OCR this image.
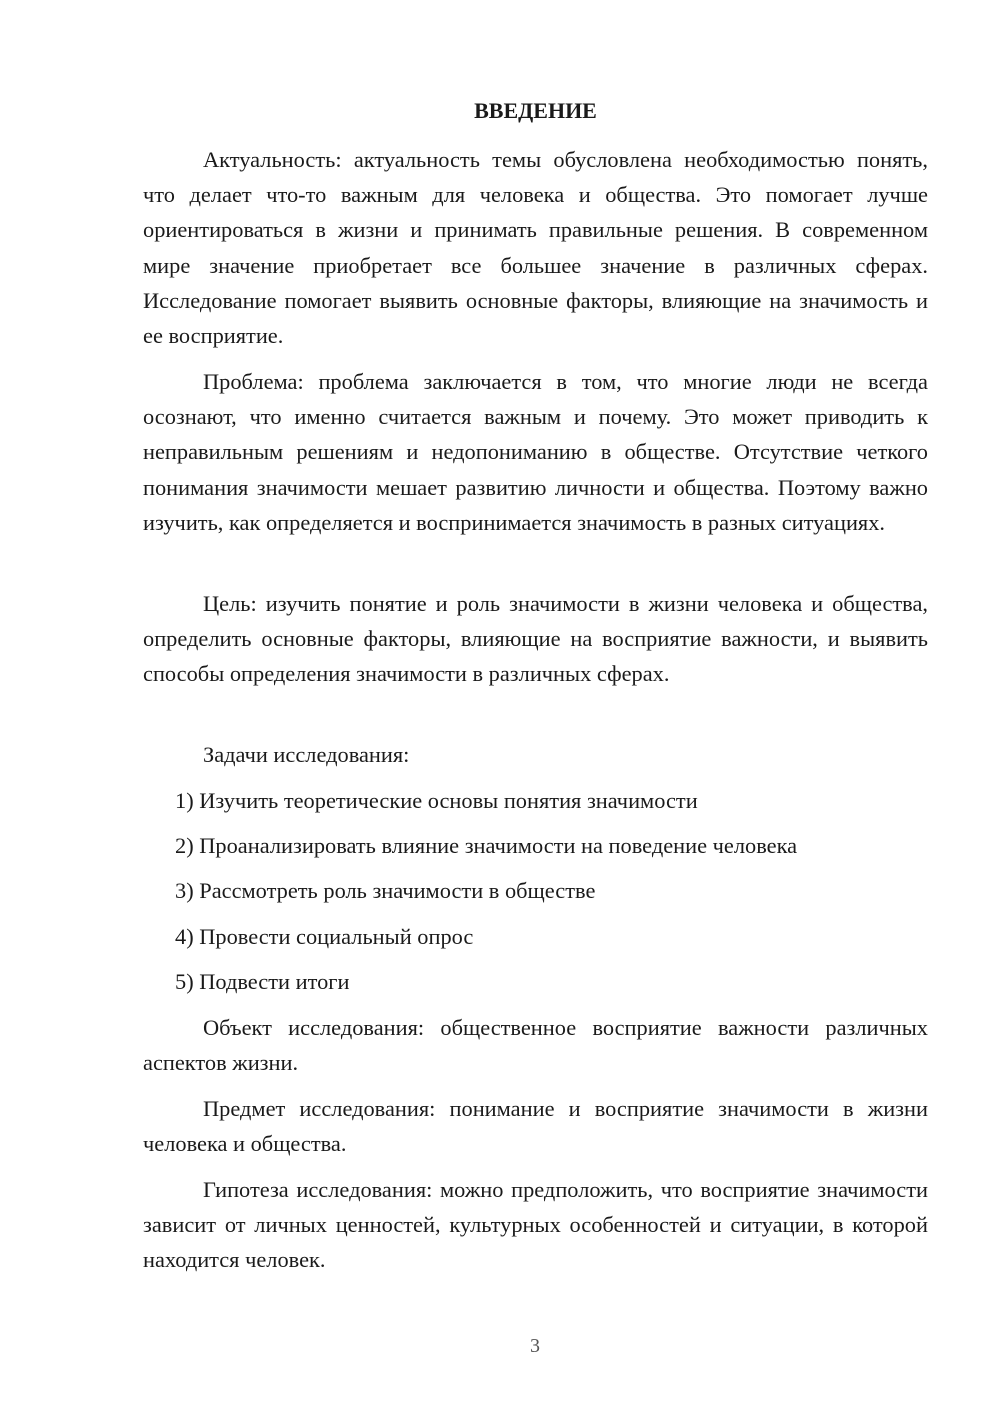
ВВЕДЕНИЕ

Актуальность: актуальность темы обусловлена необходимостью понять, что делает что-то важным для человека и общества. Это помогает лучше ориентироваться в жизни и принимать правильные решения. В современном мире значение приобретает все большее значение в различных сферах. Исследование помогает выявить основные факторы, влияющие на значимость и ее восприятие.

Проблема: проблема заключается в том, что многие люди не всегда осознают, что именно считается важным и почему. Это может приводить к неправильным решениям и недопониманию в обществе. Отсутствие четкого понимания значимости мешает развитию личности и общества. Поэтому важно изучить, как определяется и воспринимается значимость в разных ситуациях.

Цель: изучить понятие и роль значимости в жизни человека и общества, определить основные факторы, влияющие на восприятие важности, и выявить способы определения значимости в различных сферах.

Задачи исследования:

1) Изучить теоретические основы понятия значимости

2) Проанализировать влияние значимости на поведение человека

3) Рассмотреть роль значимости в обществе

4) Провести социальный опрос

5) Подвести итоги

Объект исследования: общественное восприятие важности различных аспектов жизни.

Предмет исследования: понимание и восприятие значимости в жизни человека и общества.

Гипотеза исследования: можно предположить, что восприятие значимости зависит от личных ценностей, культурных особенностей и ситуации, в которой находится человек.

3
